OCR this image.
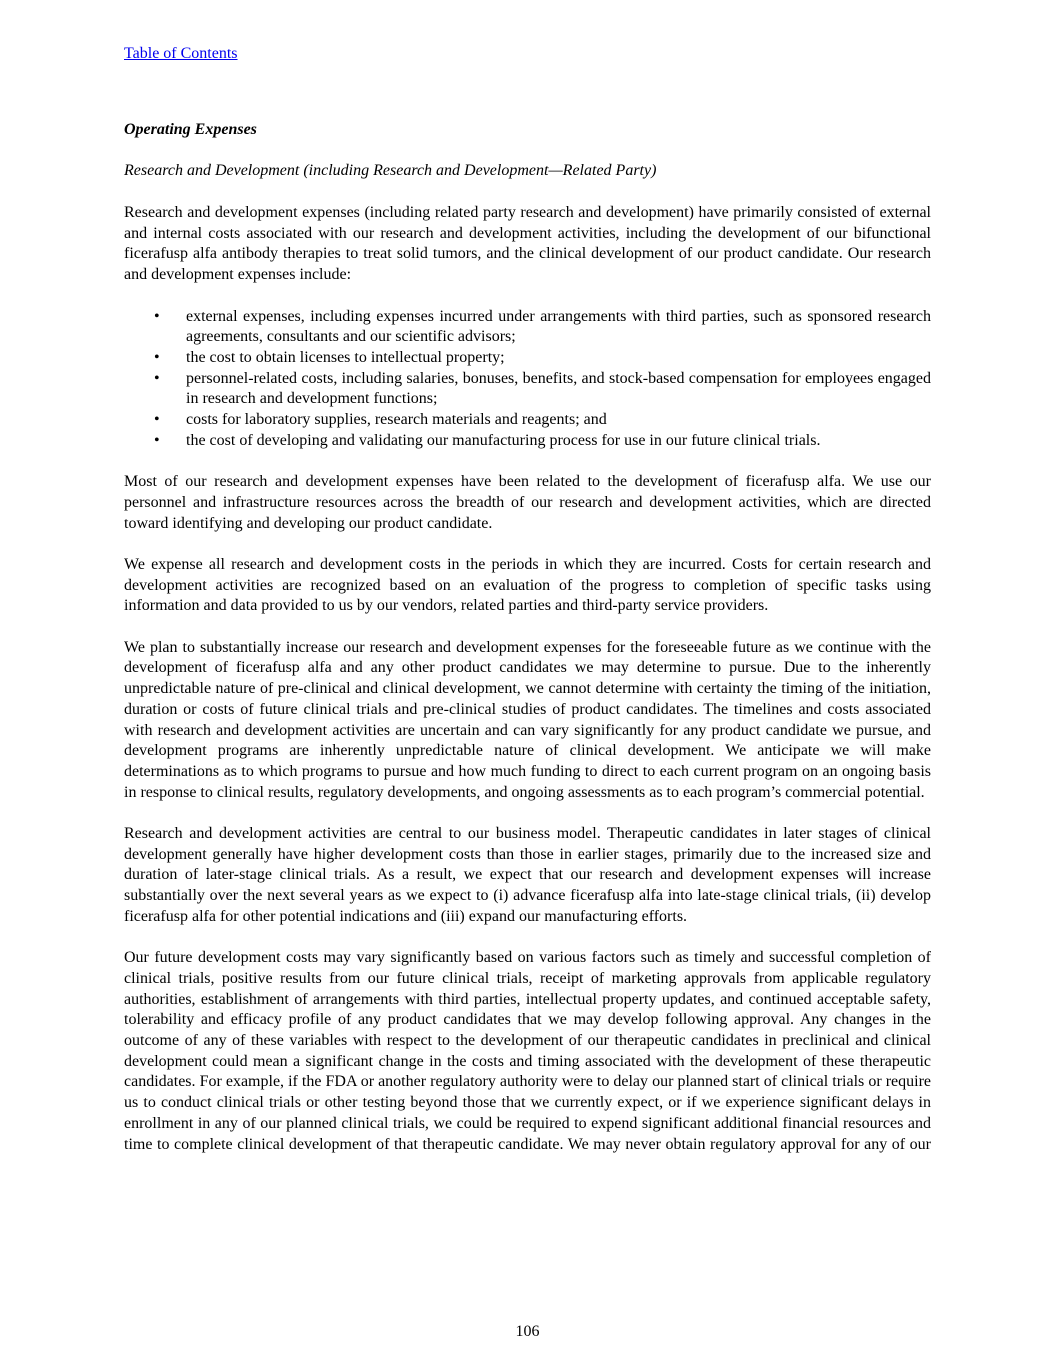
Table of Contents
Operating Expenses
Research and Development (including Research and Development—Related Party)

Research and development expenses (including related party research and development) have primarily consisted of external and internal costs associated with our research and development activities, including the development of our bifunctional ficerafusp alfa antibody therapies to treat solid tumors, and the clinical development of our product candidate. Our research and development expenses include:

• external expenses, including expenses incurred under arrangements with third parties, such as sponsored research agreements, consultants and our scientific advisors;
• the cost to obtain licenses to intellectual property;
• personnel-related costs, including salaries, bonuses, benefits, and stock-based compensation for employees engaged in research and development functions;
• costs for laboratory supplies, research materials and reagents; and
• the cost of developing and validating our manufacturing process for use in our future clinical trials.

Most of our research and development expenses have been related to the development of ficerafusp alfa. We use our personnel and infrastructure resources across the breadth of our research and development activities, which are directed toward identifying and developing our product candidate.

We expense all research and development costs in the periods in which they are incurred. Costs for certain research and development activities are recognized based on an evaluation of the progress to completion of specific tasks using information and data provided to us by our vendors, related parties and third-party service providers.

We plan to substantially increase our research and development expenses for the foreseeable future as we continue with the development of ficerafusp alfa and any other product candidates we may determine to pursue. Due to the inherently unpredictable nature of pre-clinical and clinical development, we cannot determine with certainty the timing of the initiation, duration or costs of future clinical trials and pre-clinical studies of product candidates. The timelines and costs associated with research and development activities are uncertain and can vary significantly for any product candidate we pursue, and development programs are inherently unpredictable nature of clinical development. We anticipate we will make determinations as to which programs to pursue and how much funding to direct to each current program on an ongoing basis in response to clinical results, regulatory developments, and ongoing assessments as to each program’s commercial potential.

Research and development activities are central to our business model. Therapeutic candidates in later stages of clinical development generally have higher development costs than those in earlier stages, primarily due to the increased size and duration of later-stage clinical trials. As a result, we expect that our research and development expenses will increase substantially over the next several years as we expect to (i) advance ficerafusp alfa into late-stage clinical trials, (ii) develop ficerafusp alfa for other potential indications and (iii) expand our manufacturing efforts.

Our future development costs may vary significantly based on various factors such as timely and successful completion of clinical trials, positive results from our future clinical trials, receipt of marketing approvals from applicable regulatory authorities, establishment of arrangements with third parties, intellectual property updates, and continued acceptable safety, tolerability and efficacy profile of any product candidates that we may develop following approval. Any changes in the outcome of any of these variables with respect to the development of our therapeutic candidates in preclinical and clinical development could mean a significant change in the costs and timing associated with the development of these therapeutic candidates. For example, if the FDA or another regulatory authority were to delay our planned start of clinical trials or require us to conduct clinical trials or other testing beyond those that we currently expect, or if we experience significant delays in enrollment in any of our planned clinical trials, we could be required to expend significant additional financial resources and time to complete clinical development of that therapeutic candidate. We may never obtain regulatory approval for any of our

106
